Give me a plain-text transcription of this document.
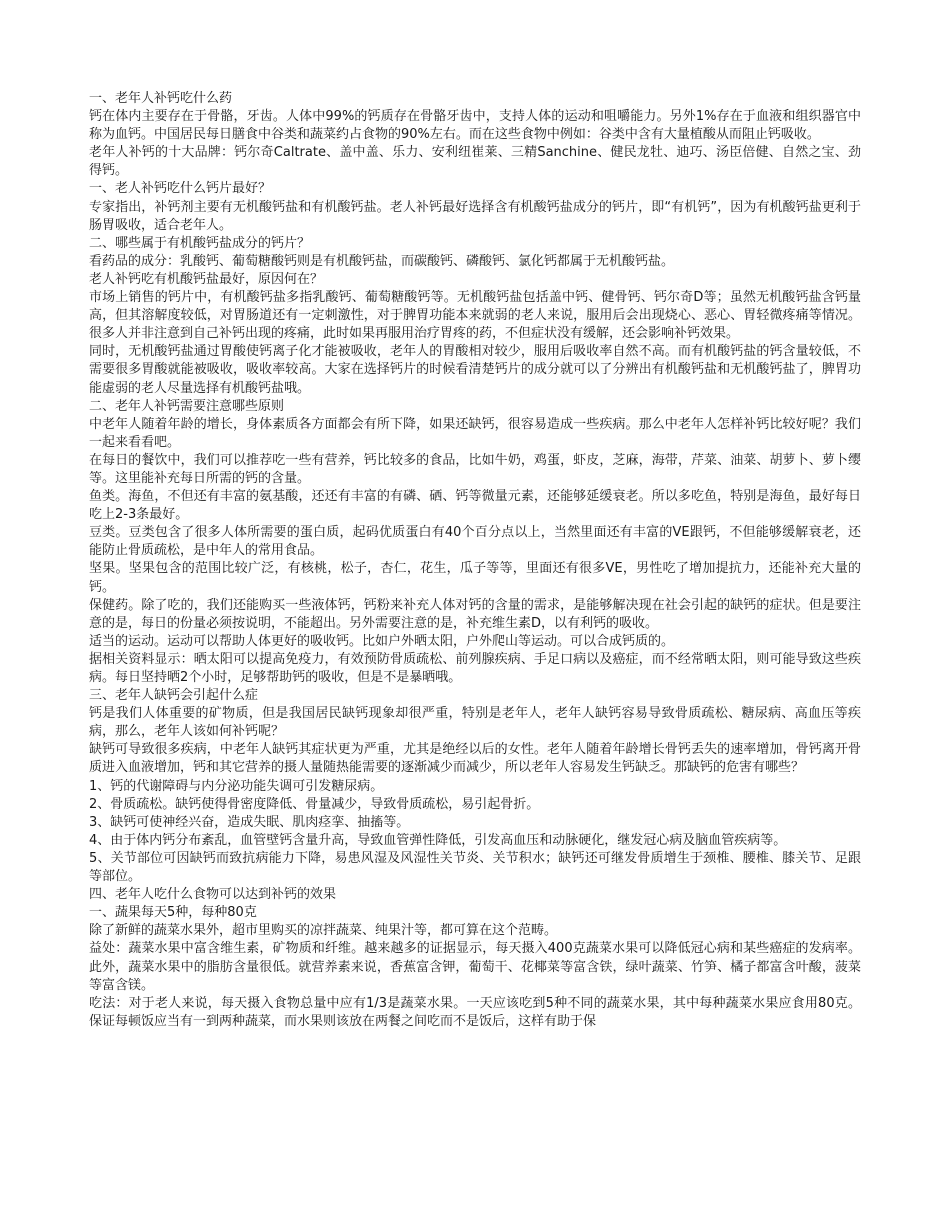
一、老年人补钙吃什么药

钙在体内主要存在于骨骼，牙齿。人体中99%的钙质存在骨骼牙齿中，支持人体的运动和咀嚼能力。另外1%存在于血液和组织器官中称为血钙。中国居民每日膳食中谷类和蔬菜约占食物的90%左右。而在这些食物中例如：谷类中含有大量植酸从而阻止钙吸收。

老年人补钙的十大品牌：钙尔奇Caltrate、盖中盖、乐力、安利纽崔莱、三精Sanchine、健民龙牡、迪巧、汤臣倍健、自然之宝、劲得钙。

一、老人补钙吃什么钙片最好？

专家指出，补钙剂主要有无机酸钙盐和有机酸钙盐。老人补钙最好选择含有机酸钙盐成分的钙片，即“有机钙”，因为有机酸钙盐更利于肠胃吸收，适合老年人。

二、哪些属于有机酸钙盐成分的钙片？

看药品的成分：乳酸钙、葡萄糖酸钙则是有机酸钙盐，而碳酸钙、磷酸钙、氯化钙都属于无机酸钙盐。

老人补钙吃有机酸钙盐最好，原因何在？

市场上销售的钙片中，有机酸钙盐多指乳酸钙、葡萄糖酸钙等。无机酸钙盐包括盖中钙、健骨钙、钙尔奇D等；虽然无机酸钙盐含钙量高，但其溶解度较低，对胃肠道还有一定刺激性，对于脾胃功能本来就弱的老人来说，服用后会出现烧心、恶心、胃轻微疼痛等情况。很多人并非注意到自己补钙出现的疼痛，此时如果再服用治疗胃疼的药，不但症状没有缓解，还会影响补钙效果。

同时，无机酸钙盐通过胃酸使钙离子化才能被吸收，老年人的胃酸相对较少，服用后吸收率自然不高。而有机酸钙盐的钙含量较低，不需要很多胃酸就能被吸收，吸收率较高。大家在选择钙片的时候看清楚钙片的成分就可以了分辨出有机酸钙盐和无机酸钙盐了，脾胃功能虚弱的老人尽量选择有机酸钙盐哦。

二、老年人补钙需要注意哪些原则

中老年人随着年龄的增长，身体素质各方面都会有所下降，如果还缺钙，很容易造成一些疾病。那么中老年人怎样补钙比较好呢？我们一起来看看吧。

在每日的餐饮中，我们可以推荐吃一些有营养，钙比较多的食品，比如牛奶，鸡蛋，虾皮，芝麻，海带，芹菜、油菜、胡萝卜、萝卜缨等。这里能补充每日所需的钙的含量。

鱼类。海鱼，不但还有丰富的氨基酸，还还有丰富的有磷、硒、钙等微量元素，还能够延缓衰老。所以多吃鱼，特别是海鱼，最好每日吃上2-3条最好。

豆类。豆类包含了很多人体所需要的蛋白质，起码优质蛋白有40个百分点以上，当然里面还有丰富的VE跟钙，不但能够缓解衰老，还能防止骨质疏松，是中年人的常用食品。

坚果。坚果包含的范围比较广泛，有核桃，松子，杏仁，花生，瓜子等等，里面还有很多VE，男性吃了增加提抗力，还能补充大量的钙。

保健药。除了吃的，我们还能购买一些液体钙，钙粉来补充人体对钙的含量的需求，是能够解决现在社会引起的缺钙的症状。但是要注意的是，每日的份量必须按说明，不能超出。另外需要注意的是，补充维生素D，以有利钙的吸收。

适当的运动。运动可以帮助人体更好的吸收钙。比如户外晒太阳，户外爬山等运动。可以合成钙质的。

据相关资料显示：晒太阳可以提高免疫力，有效预防骨质疏松、前列腺疾病、手足口病以及癌症，而不经常晒太阳，则可能导致这些疾病。每日坚持晒2个小时，足够帮助钙的吸收，但是不是暴晒哦。

三、老年人缺钙会引起什么症

钙是我们人体重要的矿物质，但是我国居民缺钙现象却很严重，特别是老年人，老年人缺钙容易导致骨质疏松、糖尿病、高血压等疾病，那么，老年人该如何补钙呢？

缺钙可导致很多疾病，中老年人缺钙其症状更为严重，尤其是绝经以后的女性。老年人随着年龄增长骨钙丢失的速率增加，骨钙离开骨质进入血液增加，钙和其它营养的摄人量随热能需要的逐渐减少而减少，所以老年人容易发生钙缺乏。那缺钙的危害有哪些？

1、钙的代谢障碍与内分泌功能失调可引发糖尿病。

2、骨质疏松。缺钙使得骨密度降低、骨量减少，导致骨质疏松，易引起骨折。

3、缺钙可使神经兴奋，造成失眠、肌肉痉挛、抽搐等。

4、由于体内钙分布紊乱，血管壁钙含量升高，导致血管弹性降低，引发高血压和动脉硬化，继发冠心病及脑血管疾病等。

5、关节部位可因缺钙而致抗病能力下降，易患风湿及风湿性关节炎、关节积水；缺钙还可继发骨质增生于颈椎、腰椎、膝关节、足跟等部位。

四、老年人吃什么食物可以达到补钙的效果

一、蔬果每天5种，每种80克

除了新鲜的蔬菜水果外，超市里购买的凉拌蔬菜、纯果汁等，都可算在这个范畴。

益处：蔬菜水果中富含维生素，矿物质和纤维。越来越多的证据显示，每天摄入400克蔬菜水果可以降低冠心病和某些癌症的发病率。此外，蔬菜水果中的脂肪含量很低。就营养素来说，香蕉富含钾，葡萄干、花椰菜等富含铁，绿叶蔬菜、竹笋、橘子都富含叶酸，菠菜等富含镁。

吃法：对于老人来说，每天摄入食物总量中应有1/3是蔬菜水果。一天应该吃到5种不同的蔬菜水果，其中每种蔬菜水果应食用80克。保证每顿饭应当有一到两种蔬菜，而水果则该放在两餐之间吃而不是饭后，这样有助于保
